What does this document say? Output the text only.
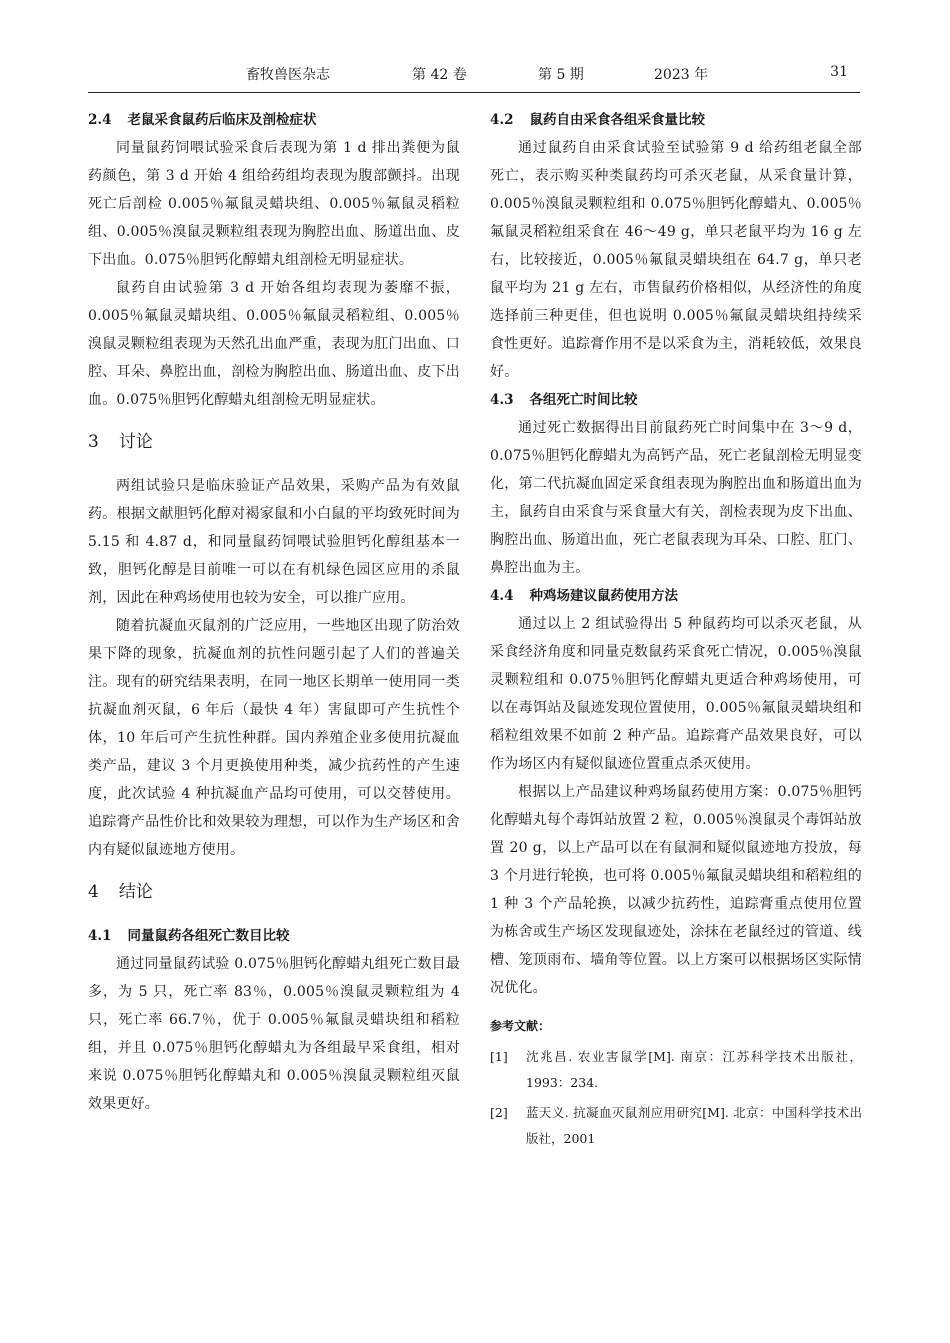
畜牧兽医杂志	第 42 卷	第 5 期	2023 年	31
2.4 老鼠采食鼠药后临床及剖检症状

同量鼠药饲喂试验采食后表现为第 1 d 排出粪便为鼠药颜色，第 3 d 开始 4 组给药组均表现为腹部颤抖。出现死亡后剖检 0.005％氟鼠灵蜡块组、0.005％氟鼠灵稻粒组、0.005％溴鼠灵颗粒组表现为胸腔出血、肠道出血、皮下出血。0.075％胆钙化醇蜡丸组剖检无明显症状。

鼠药自由试验第 3 d 开始各组均表现为萎靡不振，0.005％氟鼠灵蜡块组、0.005％氟鼠灵稻粒组、0.005％溴鼠灵颗粒组表现为天然孔出血严重，表现为肛门出血、口腔、耳朵、鼻腔出血，剖检为胸腔出血、肠道出血、皮下出血。0.075％胆钙化醇蜡丸组剖检无明显症状。

3 讨论

两组试验只是临床验证产品效果，采购产品为有效鼠药。根据文献胆钙化醇对褐家鼠和小白鼠的平均致死时间为 5.15 和 4.87 d，和同量鼠药饲喂试验胆钙化醇组基本一致，胆钙化醇是目前唯一可以在有机绿色园区应用的杀鼠剂，因此在种鸡场使用也较为安全，可以推广应用。

随着抗凝血灭鼠剂的广泛应用，一些地区出现了防治效果下降的现象，抗凝血剂的抗性问题引起了人们的普遍关注。现有的研究结果表明，在同一地区长期单一使用同一类抗凝血剂灭鼠，6 年后（最快 4 年）害鼠即可产生抗性个体，10 年后可产生抗性种群。国内养殖企业多使用抗凝血类产品，建议 3 个月更换使用种类，减少抗药性的产生速度，此次试验 4 种抗凝血产品均可使用，可以交替使用。追踪膏产品性价比和效果较为理想，可以作为生产场区和舍内有疑似鼠迹地方使用。

4 结论
4.1 同量鼠药各组死亡数目比较

通过同量鼠药试验 0.075％胆钙化醇蜡丸组死亡数目最多，为 5 只，死亡率 83％，0.005％溴鼠灵颗粒组为 4 只，死亡率 66.7％，优于 0.005％氟鼠灵蜡块组和稻粒组，并且 0.075％胆钙化醇蜡丸为各组最早采食组，相对来说 0.075％胆钙化醇蜡丸和 0.005％溴鼠灵颗粒组灭鼠效果更好。

4.2 鼠药自由采食各组采食量比较

通过鼠药自由采食试验至试验第 9 d 给药组老鼠全部死亡，表示购买种类鼠药均可杀灭老鼠，从采食量计算，0.005％溴鼠灵颗粒组和 0.075％胆钙化醇蜡丸、0.005％氟鼠灵稻粒组采食在 46～49 g，单只老鼠平均为 16 g 左右，比较接近，0.005％氟鼠灵蜡块组在 64.7 g，单只老鼠平均为 21 g 左右，市售鼠药价格相似，从经济性的角度选择前三种更佳，但也说明 0.005％氟鼠灵蜡块组持续采食性更好。追踪膏作用不是以采食为主，消耗较低，效果良好。

4.3 各组死亡时间比较

通过死亡数据得出目前鼠药死亡时间集中在 3～9 d，0.075％胆钙化醇蜡丸为高钙产品，死亡老鼠剖检无明显变化，第二代抗凝血固定采食组表现为胸腔出血和肠道出血为主，鼠药自由采食与采食量大有关，剖检表现为皮下出血、胸腔出血、肠道出血，死亡老鼠表现为耳朵、口腔、肛门、鼻腔出血为主。

4.4 种鸡场建议鼠药使用方法

通过以上 2 组试验得出 5 种鼠药均可以杀灭老鼠，从采食经济角度和同量克数鼠药采食死亡情况，0.005％溴鼠灵颗粒组和 0.075％胆钙化醇蜡丸更适合种鸡场使用，可以在毒饵站及鼠迹发现位置使用，0.005％氟鼠灵蜡块组和稻粒组效果不如前 2 种产品。追踪膏产品效果良好，可以作为场区内有疑似鼠迹位置重点杀灭使用。

根据以上产品建议种鸡场鼠药使用方案：0.075％胆钙化醇蜡丸每个毒饵站放置 2 粒，0.005％溴鼠灵个毒饵站放置 20 g，以上产品可以在有鼠洞和疑似鼠迹地方投放，每 3 个月进行轮换，也可将 0.005％氟鼠灵蜡块组和稻粒组的 1 种 3 个产品轮换，以减少抗药性，追踪膏重点使用位置为栋舍或生产场区发现鼠迹处，涂抹在老鼠经过的管道、线槽、笼顶雨布、墙角等位置。以上方案可以根据场区实际情况优化。

参考文献：
[1]	沈兆昌. 农业害鼠学[M]. 南京：江苏科学技术出版社，1993：234.
[2]	蓝天义. 抗凝血灭鼠剂应用研究[M]. 北京：中国科学技术出版社，2001
